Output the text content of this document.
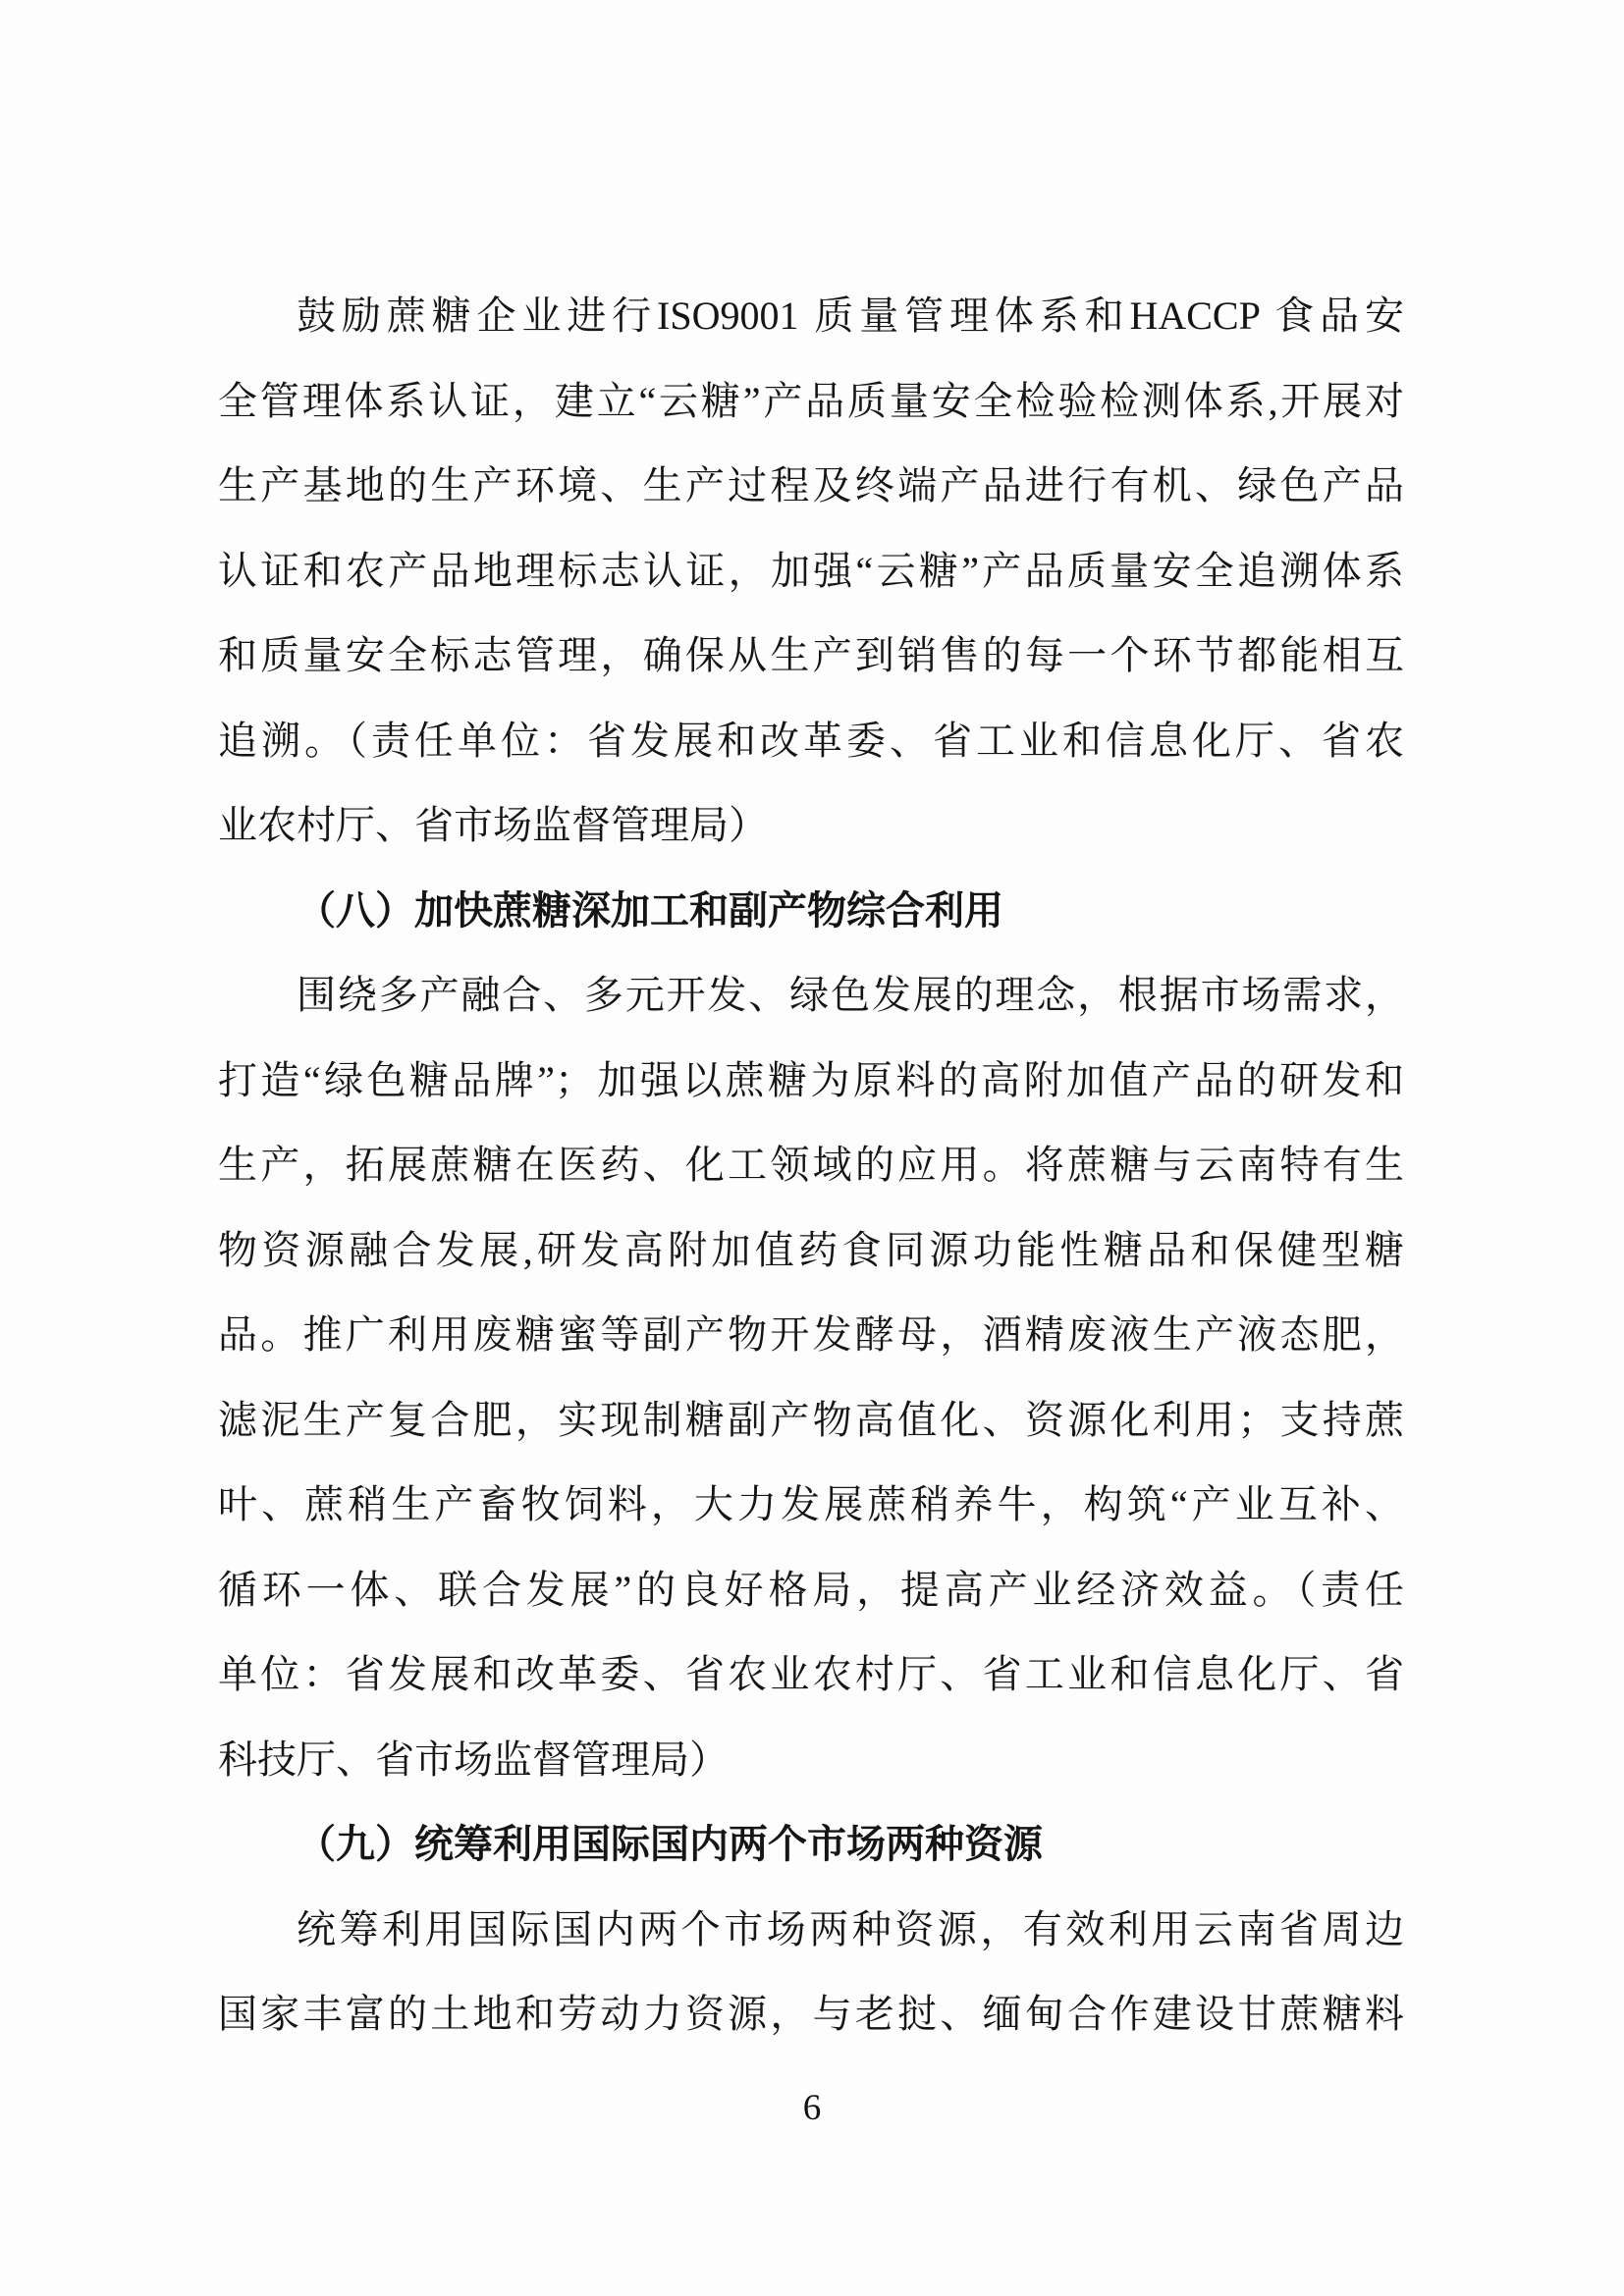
鼓励蔗糖企业进行ISO9001 质量管理体系和HACCP 食品安
全管理体系认证，建立“云糖”产品质量安全检验检测体系,开展对
生产基地的生产环境、生产过程及终端产品进行有机、绿色产品
认证和农产品地理标志认证，加强“云糖”产品质量安全追溯体系
和质量安全标志管理，确保从生产到销售的每一个环节都能相互
追溯。（责任单位：省发展和改革委、省工业和信息化厅、省农
业农村厅、省市场监督管理局）
（八）加快蔗糖深加工和副产物综合利用
围绕多产融合、多元开发、绿色发展的理念，根据市场需求，
打造“绿色糖品牌”；加强以蔗糖为原料的高附加值产品的研发和
生产，拓展蔗糖在医药、化工领域的应用。将蔗糖与云南特有生
物资源融合发展,研发高附加值药食同源功能性糖品和保健型糖
品。推广利用废糖蜜等副产物开发酵母，酒精废液生产液态肥，
滤泥生产复合肥，实现制糖副产物高值化、资源化利用；支持蔗
叶、蔗稍生产畜牧饲料，大力发展蔗稍养牛，构筑“产业互补、
循环一体、联合发展”的良好格局，提高产业经济效益。（责任
单位：省发展和改革委、省农业农村厅、省工业和信息化厅、省
科技厅、省市场监督管理局）
（九）统筹利用国际国内两个市场两种资源
统筹利用国际国内两个市场两种资源，有效利用云南省周边
国家丰富的土地和劳动力资源，与老挝、缅甸合作建设甘蔗糖料
6
